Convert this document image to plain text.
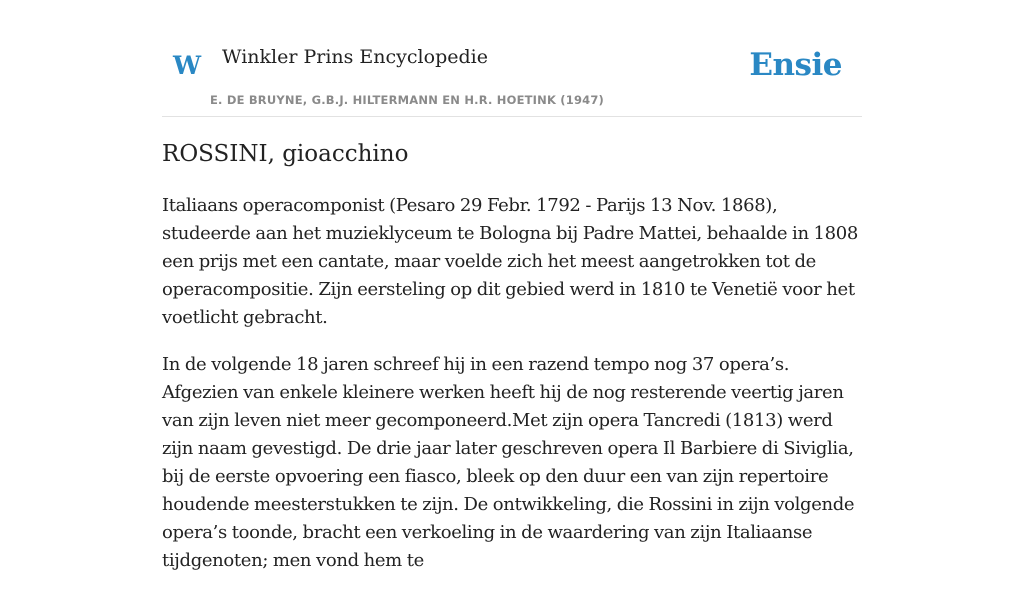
W Winkler Prins Encyclopedie
E. DE BRUYNE, G.B.J. HILTERMANN EN H.R. HOETINK (1947)
Ensie
ROSSINI, gioacchino

Italiaans operacomponist (Pesaro 29 Febr. 1792 - Parijs 13 Nov. 1868), studeerde aan het muzieklyceum te Bologna bij Padre Mattei, behaalde in 1808 een prijs met een cantate, maar voelde zich het meest aangetrokken tot de operacompositie. Zijn eersteling op dit gebied werd in 1810 te Venetië voor het voetlicht gebracht.

In de volgende 18 jaren schreef hij in een razend tempo nog 37 opera’s. Afgezien van enkele kleinere werken heeft hij de nog resterende veertig jaren van zijn leven niet meer gecomponeerd.Met zijn opera Tancredi (1813) werd zijn naam gevestigd. De drie jaar later geschreven opera Il Barbiere di Siviglia, bij de eerste opvoering een fiasco, bleek op den duur een van zijn repertoire houdende meesterstukken te zijn. De ontwikkeling, die Rossini in zijn volgende opera’s toonde, bracht een verkoeling in de waardering van zijn Italiaanse tijdgenoten; men vond hem te
